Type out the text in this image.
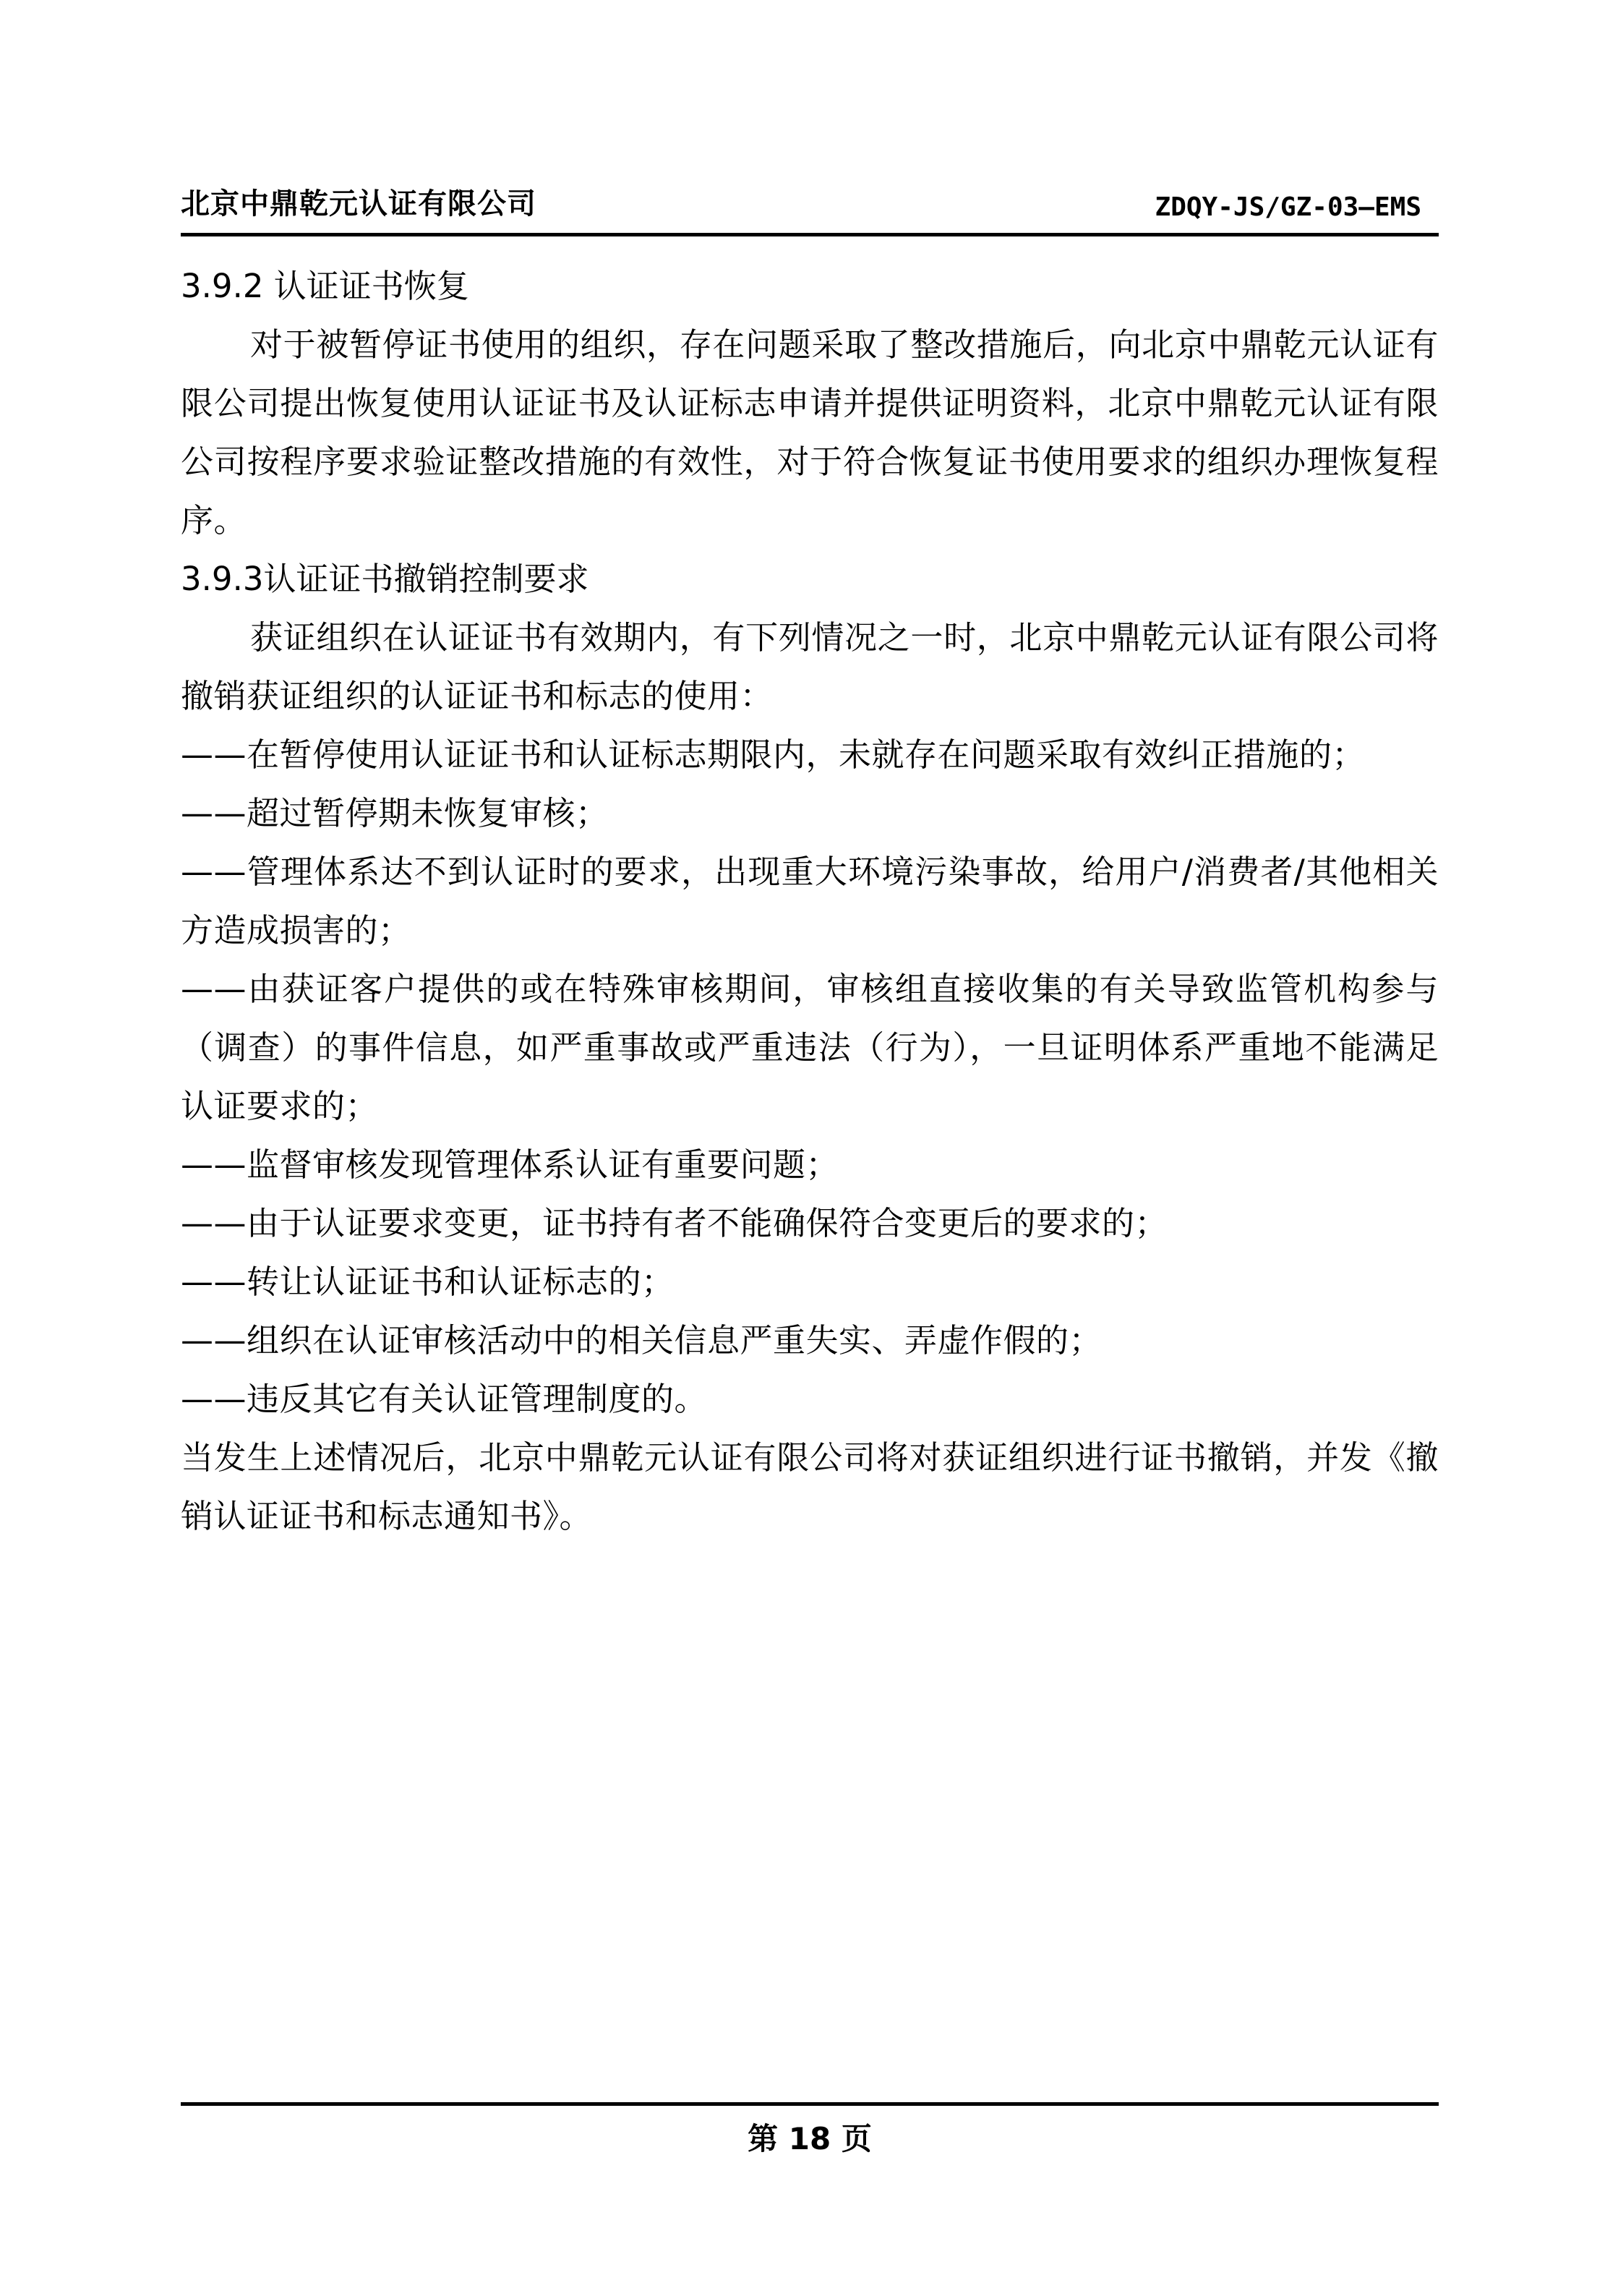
北京中鼎乾元认证有限公司	ZDQY-JS/GZ-03—EMS
3.9.2 认证证书恢复
对于被暂停证书使用的组织，存在问题采取了整改措施后，向北京中鼎乾元认证有限公司提出恢复使用认证证书及认证标志申请并提供证明资料，北京中鼎乾元认证有限公司按程序要求验证整改措施的有效性，对于符合恢复证书使用要求的组织办理恢复程序。
3.9.3认证证书撤销控制要求
获证组织在认证证书有效期内，有下列情况之一时，北京中鼎乾元认证有限公司将撤销获证组织的认证证书和标志的使用：
——在暂停使用认证证书和认证标志期限内，未就存在问题采取有效纠正措施的；
——超过暂停期未恢复审核；
——管理体系达不到认证时的要求，出现重大环境污染事故，给用户/消费者/其他相关方造成损害的；
——由获证客户提供的或在特殊审核期间，审核组直接收集的有关导致监管机构参与（调查）的事件信息，如严重事故或严重违法（行为），一旦证明体系严重地不能满足认证要求的；
——监督审核发现管理体系认证有重要问题；
——由于认证要求变更，证书持有者不能确保符合变更后的要求的；
——转让认证证书和认证标志的；
——组织在认证审核活动中的相关信息严重失实、弄虚作假的；
——违反其它有关认证管理制度的。
当发生上述情况后，北京中鼎乾元认证有限公司将对获证组织进行证书撤销，并发《撤销认证证书和标志通知书》。
第 18 页
